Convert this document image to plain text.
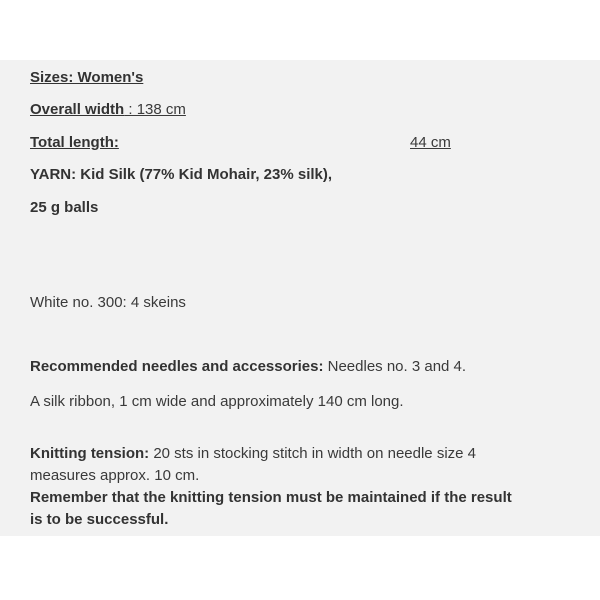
Sizes: Women's
Overall width : 138 cm
Total length:	44 cm
YARN: Kid Silk (77% Kid Mohair, 23% silk),
25 g balls
White no. 300: 4 skeins
Recommended needles and accessories: Needles no. 3 and 4.
A silk ribbon, 1 cm wide and approximately 140 cm long.
Knitting tension: 20 sts in stocking stitch in width on needle size 4
measures approx. 10 cm.
Remember that the knitting tension must be maintained if the result
is to be successful.
